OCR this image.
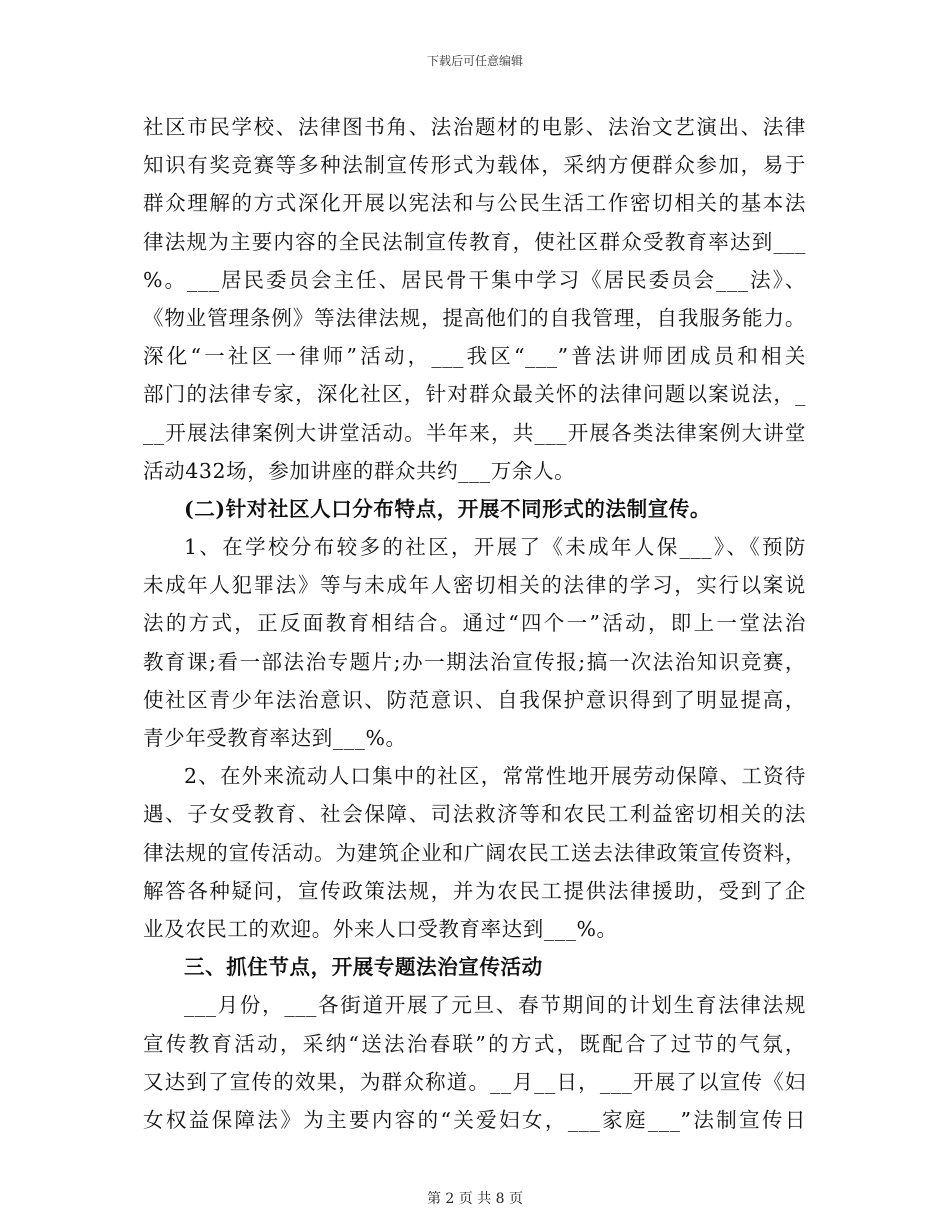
下载后可任意编辑
社区市民学校、法律图书角、法治题材的电影、法治文艺演出、法律
知识有奖竞赛等多种法制宣传形式为载体，采纳方便群众参加，易于
群众理解的方式深化开展以宪法和与公民生活工作密切相关的基本法
律法规为主要内容的全民法制宣传教育，使社区群众受教育率达到___
%。___居民委员会主任、居民骨干集中学习《居民委员会___法》、
《物业管理条例》等法律法规，提高他们的自我管理，自我服务能力。
深化“一社区一律师”活动，___我区“___”普法讲师团成员和相关
部门的法律专家，深化社区，针对群众最关怀的法律问题以案说法，_
__开展法律案例大讲堂活动。半年来，共___开展各类法律案例大讲堂
活动432场，参加讲座的群众共约___万余人。
(二)针对社区人口分布特点，开展不同形式的法制宣传。
1、在学校分布较多的社区，开展了《未成年人保___》、《预防
未成年人犯罪法》等与未成年人密切相关的法律的学习，实行以案说
法的方式，正反面教育相结合。通过“四个一”活动，即上一堂法治
教育课;看一部法治专题片;办一期法治宣传报;搞一次法治知识竞赛，
使社区青少年法治意识、防范意识、自我保护意识得到了明显提高，
青少年受教育率达到___%。
2、在外来流动人口集中的社区，常常性地开展劳动保障、工资待
遇、子女受教育、社会保障、司法救济等和农民工利益密切相关的法
律法规的宣传活动。为建筑企业和广阔农民工送去法律政策宣传资料，
解答各种疑问，宣传政策法规，并为农民工提供法律援助，受到了企
业及农民工的欢迎。外来人口受教育率达到___%。
三、抓住节点，开展专题法治宣传活动
___月份，___各街道开展了元旦、春节期间的计划生育法律法规
宣传教育活动，采纳“送法治春联”的方式，既配合了过节的气氛，
又达到了宣传的效果，为群众称道。__月__日，___开展了以宣传《妇
女权益保障法》为主要内容的“关爱妇女，___家庭___”法制宣传日
第 2 页 共 8 页
